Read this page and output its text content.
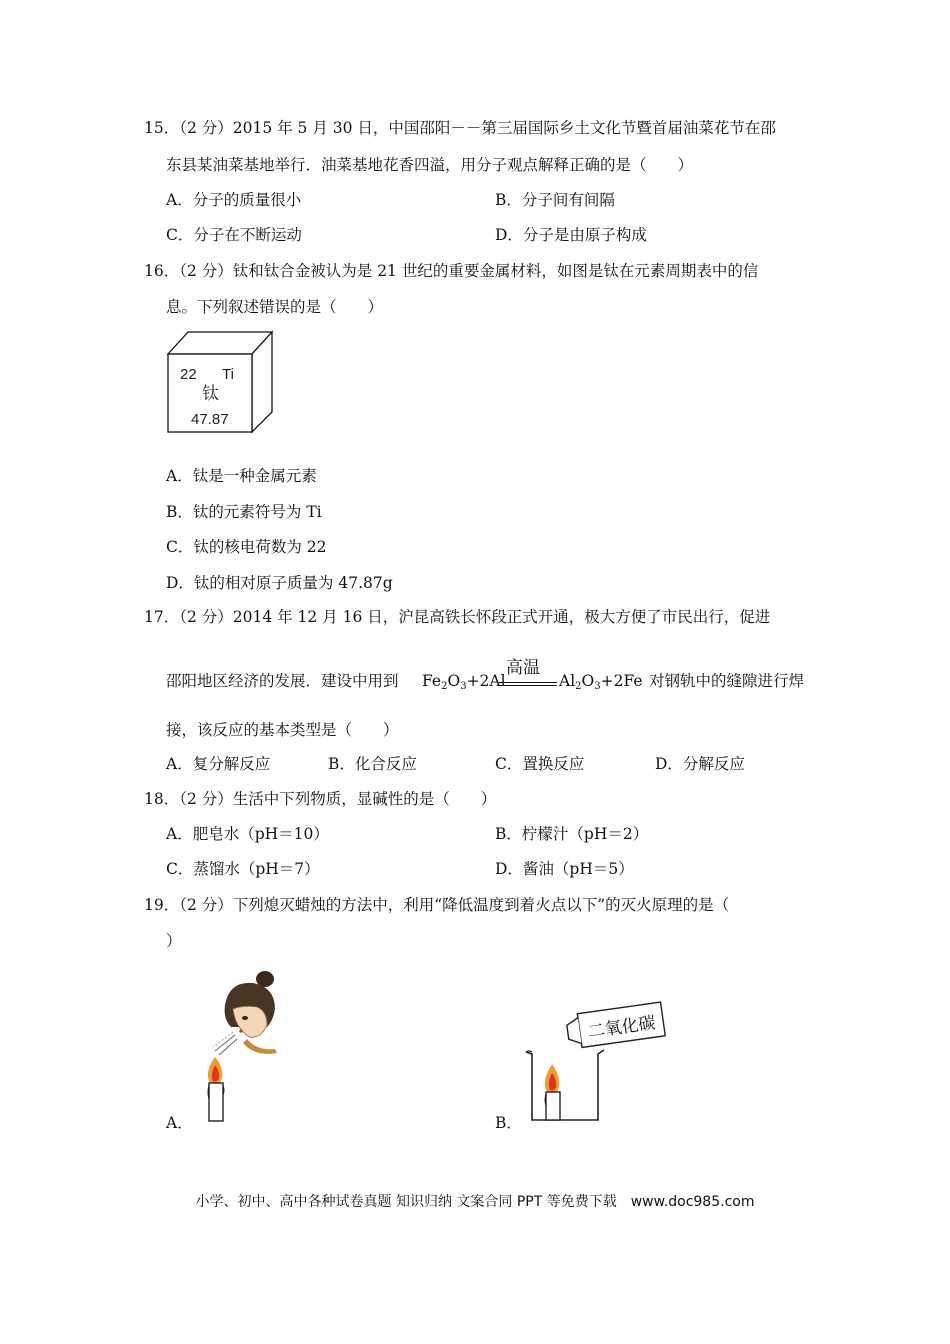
15．（2 分）2015 年 5 月 30 日，中国邵阳－－第三届国际乡土文化节暨首届油菜花节在邵
东县某油菜基地举行．油菜基地花香四溢，用分子观点解释正确的是（　　）
A．分子的质量很小	B．分子间有间隔
C．分子在不断运动	D．分子是由原子构成
16．（2 分）钛和钛合金被认为是 21 世纪的重要金属材料，如图是钛在元素周期表中的信
息。下列叙述错误的是（　　）
22 Ti
钛
47.87
A．钛是一种金属元素
B．钛的元素符号为 Ti
C．钛的核电荷数为 22
D．钛的相对原子质量为 47.87g
17．（2 分）2014 年 12 月 16 日，沪昆高铁长怀段正式开通，极大方便了市民出行，促进
邵阳地区经济的发展．建设中用到 $Fe_2O_3+2Al$
高温
$Al_2O_3+2Fe$ 对钢轨中的缝隙进行焊
接，该反应的基本类型是（　　）
A．复分解反应	B．化合反应	C．置换反应	D．分解反应
18．（2 分）生活中下列物质，显碱性的是（　　）
A．肥皂水（pH＝10）	B．柠檬汁（pH＝2）
C．蒸馏水（pH＝7）	D．酱油（pH＝5）
19．（2 分）下列熄灭蜡烛的方法中，利用“降低温度到着火点以下”的灭火原理的是（
）
A．
二氧化碳
B．
小学、初中、高中各种试卷真题 知识归纳 文案合同 PPT 等免费下载　www.doc985.com
